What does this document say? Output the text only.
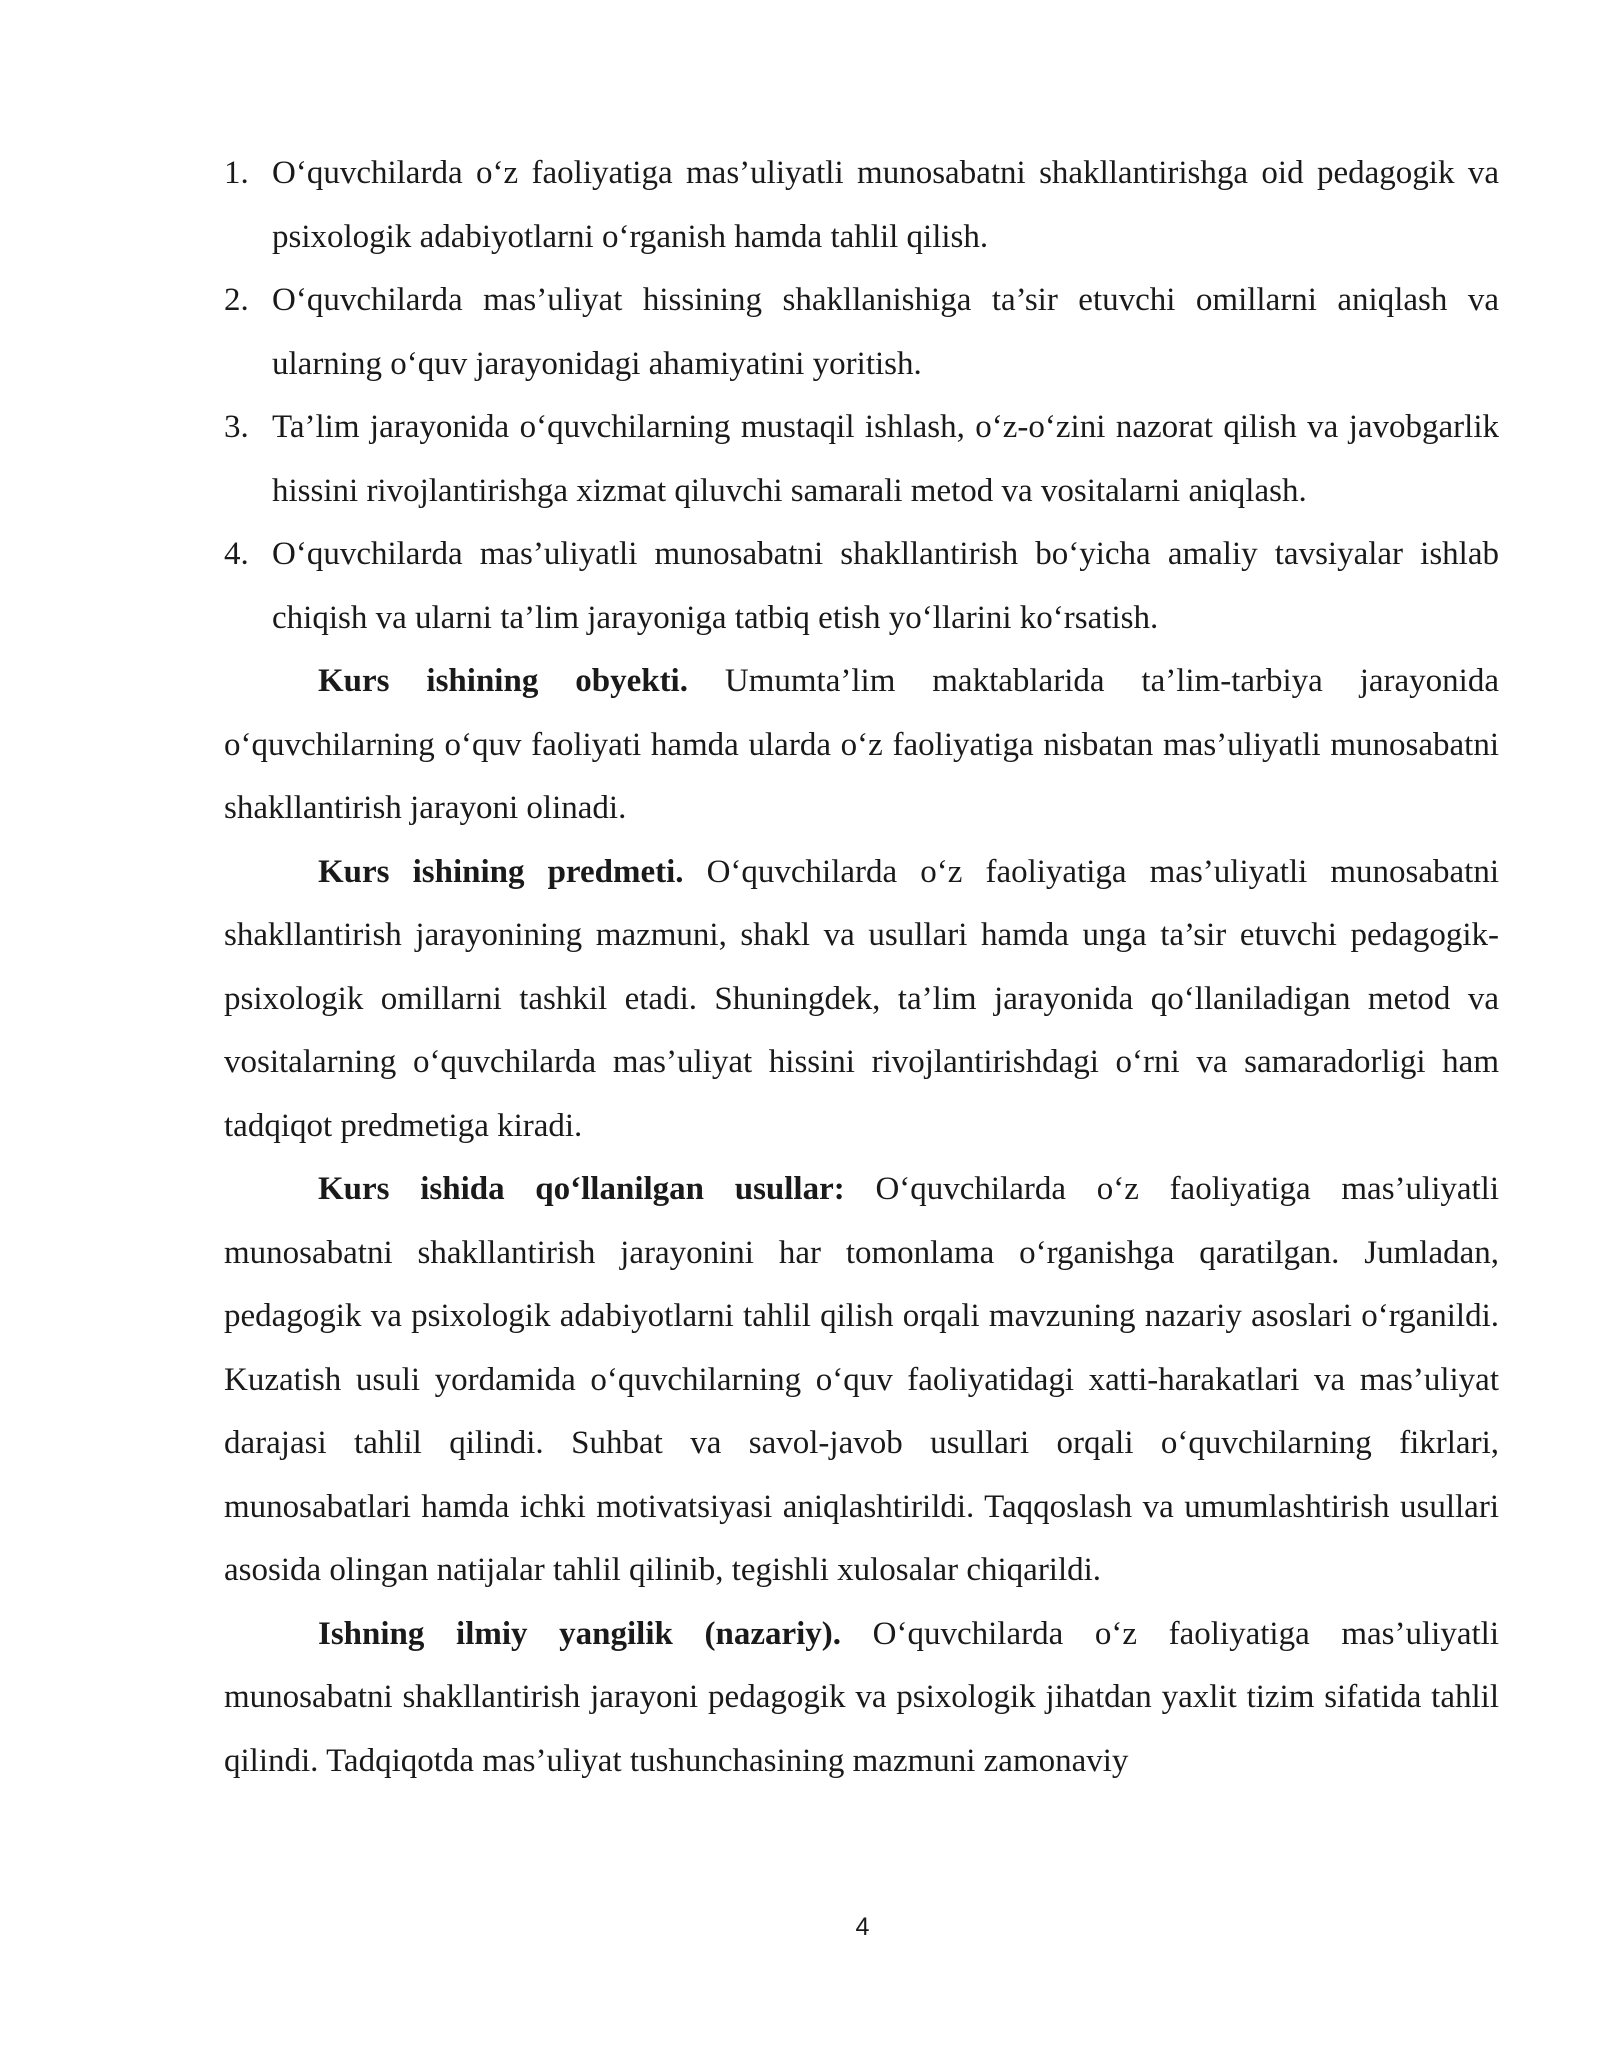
1. O‘quvchilarda o‘z faoliyatiga mas’uliyatli munosabatni shakllantirishga oid pedagogik va psixologik adabiyotlarni o‘rganish hamda tahlil qilish.
2. O‘quvchilarda mas’uliyat hissining shakllanishiga ta’sir etuvchi omillarni aniqlash va ularning o‘quv jarayonidagi ahamiyatini yoritish.
3. Ta’lim jarayonida o‘quvchilarning mustaqil ishlash, o‘z-o‘zini nazorat qilish va javobgarlik hissini rivojlantirishga xizmat qiluvchi samarali metod va vositalarni aniqlash.
4. O‘quvchilarda mas’uliyatli munosabatni shakllantirish bo‘yicha amaliy tavsiyalar ishlab chiqish va ularni ta’lim jarayoniga tatbiq etish yo‘llarini ko‘rsatish.

Kurs ishining obyekti. Umumta’lim maktablarida ta’lim-tarbiya jarayonida o‘quvchilarning o‘quv faoliyati hamda ularda o‘z faoliyatiga nisbatan mas’uliyatli munosabatni shakllantirish jarayoni olinadi.

Kurs ishining predmeti. O‘quvchilarda o‘z faoliyatiga mas’uliyatli munosabatni shakllantirish jarayonining mazmuni, shakl va usullari hamda unga ta’sir etuvchi pedagogik-psixologik omillarni tashkil etadi. Shuningdek, ta’lim jarayonida qo‘llaniladigan metod va vositalarning o‘quvchilarda mas’uliyat hissini rivojlantirishdagi o‘rni va samaradorligi ham tadqiqot predmetiga kiradi.

Kurs ishida qo‘llanilgan usullar: O‘quvchilarda o‘z faoliyatiga mas’uliyatli munosabatni shakllantirish jarayonini har tomonlama o‘rganishga qaratilgan. Jumladan, pedagogik va psixologik adabiyotlarni tahlil qilish orqali mavzuning nazariy asoslari o‘rganildi. Kuzatish usuli yordamida o‘quvchilarning o‘quv faoliyatidagi xatti-harakatlari va mas’uliyat darajasi tahlil qilindi. Suhbat va savol-javob usullari orqali o‘quvchilarning fikrlari, munosabatlari hamda ichki motivatsiyasi aniqlashtirildi. Taqqoslash va umumlashtirish usullari asosida olingan natijalar tahlil qilinib, tegishli xulosalar chiqarildi.

Ishning ilmiy yangilik (nazariy). O‘quvchilarda o‘z faoliyatiga mas’uliyatli munosabatni shakllantirish jarayoni pedagogik va psixologik jihatdan yaxlit tizim sifatida tahlil qilindi. Tadqiqotda mas’uliyat tushunchasining mazmuni zamonaviy

4
